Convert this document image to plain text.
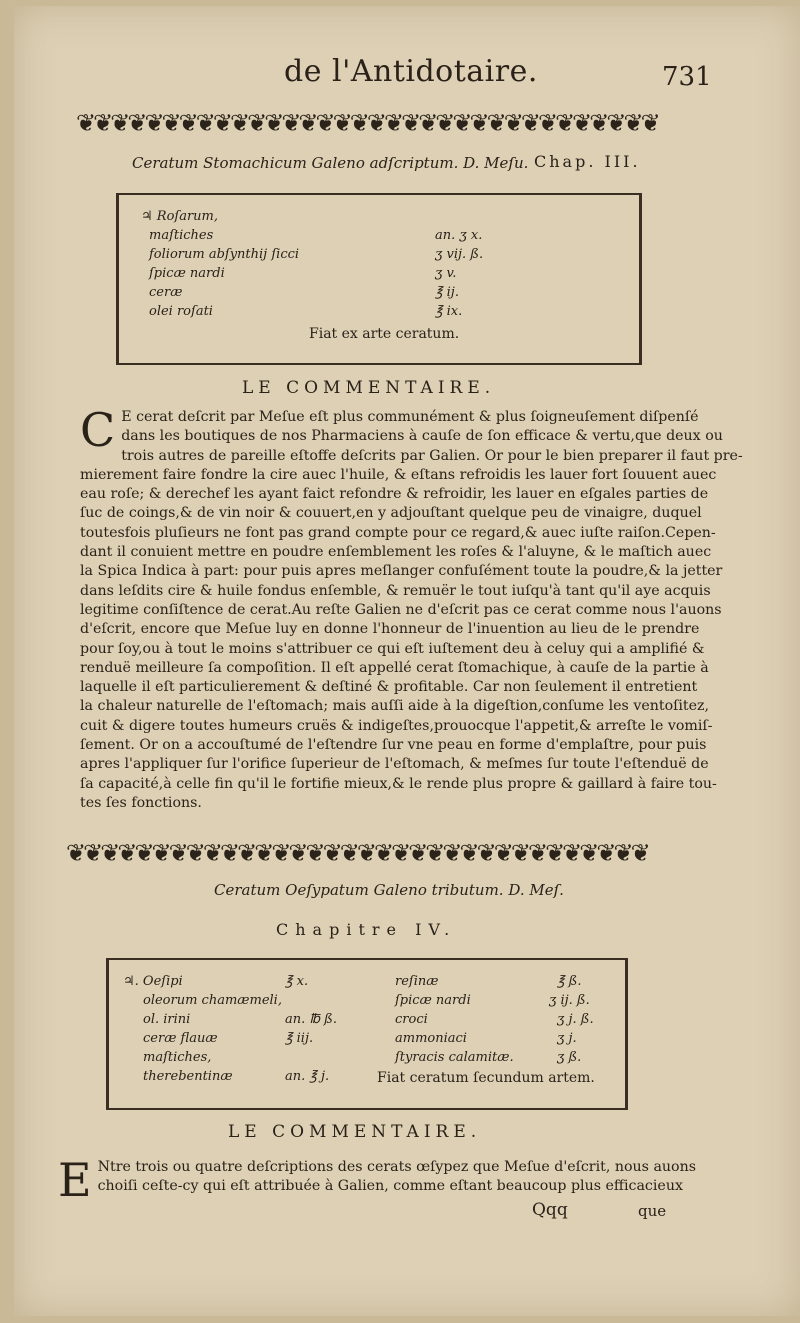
de l'Antidotaire.	731
❦❦❦❦❦❦❦❦❦❦❦❦❦❦❦❦❦❦❦❦❦❦❦❦❦❦❦❦❦❦❦❦❦❦
Ceratum Stomachicum Galeno adſcriptum. D. Meſu. Chap. III.
♃ Roſarum,
maſtiches	an. ʒ x.
foliorum abſynthij ſicci	ʒ vij. ß.
ſpicæ nardi	ʒ v.
ceræ	℥ ij.
olei roſati	℥ ix.
Fiat ex arte ceratum.
LE COMMENTAIRE.
C E cerat deſcrit par Meſue eſt plus communément & plus ſoigneuſement diſpenſé
dans les boutiques de nos Pharmaciens à cauſe de ſon efficace & vertu,que deux ou
trois autres de pareille eſtoffe deſcrits par Galien. Or pour le bien preparer il faut pre-
mierement faire fondre la cire auec l'huile, & eſtans refroidis les lauer fort ſouuent auec
eau roſe; & derechef les ayant faict refondre & refroidir, les lauer en eſgales parties de
ſuc de coings,& de vin noir & couuert,en y adjouſtant quelque peu de vinaigre, duquel
toutesfois pluſieurs ne font pas grand compte pour ce regard,& auec iuſte raiſon.Cepen-
dant il conuient mettre en poudre enſemblement les roſes & l'aluyne, & le maſtich auec
la Spica Indica à part: pour puis apres meſlanger confuſément toute la poudre,& la jetter
dans leſdits cire & huile fondus enſemble, & remuër le tout iuſqu'à tant qu'il aye acquis
legitime conſiſtence de cerat.Au reſte Galien ne d'eſcrit pas ce cerat comme nous l'auons
d'eſcrit, encore que Meſue luy en donne l'honneur de l'inuention au lieu de le prendre
pour ſoy,ou à tout le moins s'attribuer ce qui eſt iuſtement deu à celuy qui a amplifié &
renduë meilleure ſa compoſition. Il eſt appellé cerat ſtomachique, à cauſe de la partie à
laquelle il eſt particulierement & deſtiné & profitable. Car non ſeulement il entretient
la chaleur naturelle de l'eſtomach; mais auſſi aide à la digeſtion,conſume les ventoſitez,
cuit & digere toutes humeurs cruës & indigeſtes,prouocque l'appetit,& arreſte le vomiſ-
ſement. Or on a accouſtumé de l'eſtendre ſur vne peau en forme d'emplaſtre, pour puis
apres l'appliquer ſur l'orifice ſuperieur de l'eſtomach, & meſmes ſur toute l'eſtenduë de
ſa capacité,à celle fin qu'il le fortifie mieux,& le rende plus propre & gaillard à faire tou-
tes ſes fonctions.
❦❦❦❦❦❦❦❦❦❦❦❦❦❦❦❦❦❦❦❦❦❦❦❦❦❦❦❦❦❦❦❦❦❦
Ceratum Oeſypatum Galeno tributum. D. Meſ.
Chapitre IV.
♃. Oeſipi	℥ x.
oleorum chamæmeli,
ol. irini	an. ℔ ß.
ceræ flauæ	℥ iij.
maſtiches,
therebentinæ	an. ℥ j.
reſinæ	℥ ß.
ſpicæ nardi	ʒ ij. ß.
croci	ʒ j. ß.
ammoniaci	ʒ j.
ſtyracis calamitæ.	ʒ ß.
Fiat ceratum ſecundum artem.
LE COMMENTAIRE.
E Ntre trois ou quatre deſcriptions des cerats œſypez que Meſue d'eſcrit, nous auons
choiſi ceſte-cy qui eſt attribuée à Galien, comme eſtant beaucoup plus efficacieux
Qqq	que
